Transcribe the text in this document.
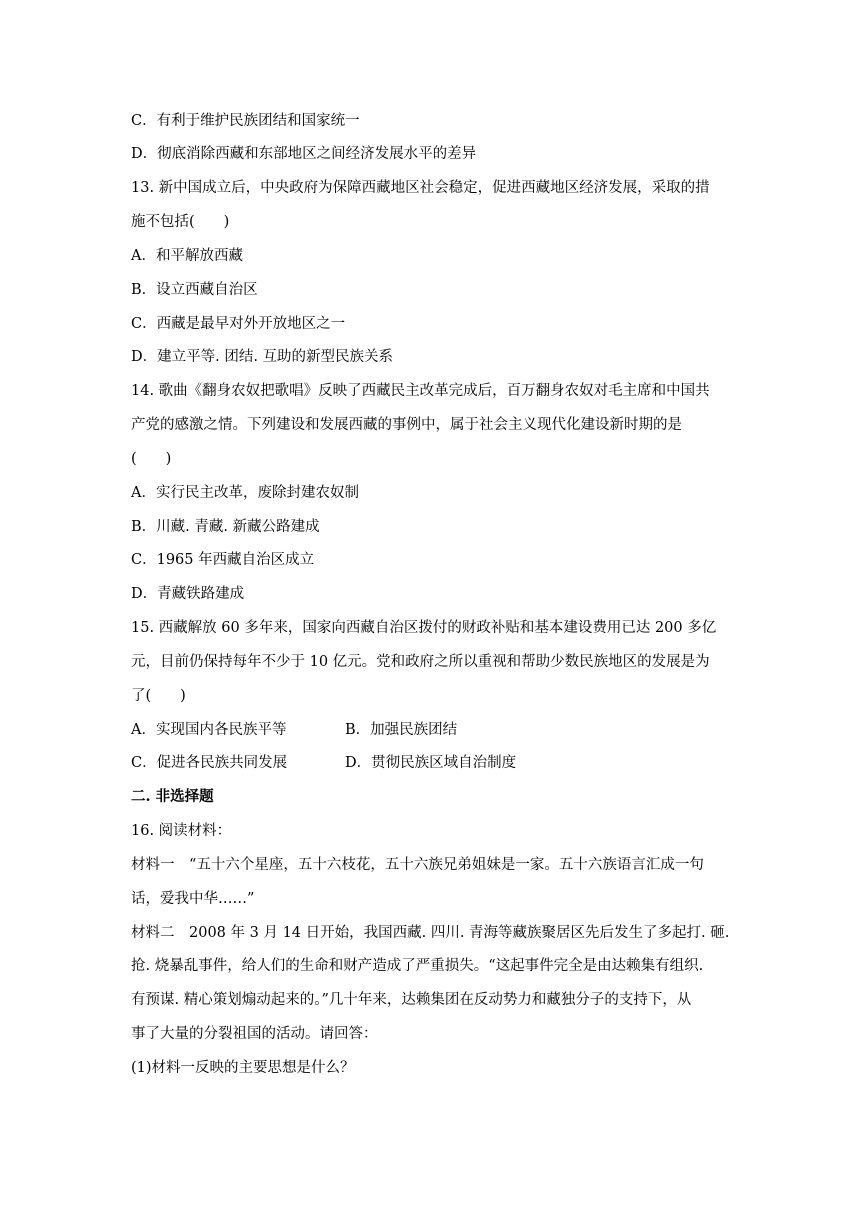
C．有利于维护民族团结和国家统一
D．彻底消除西藏和东部地区之间经济发展水平的差异
13. 新中国成立后，中央政府为保障西藏地区社会稳定，促进西藏地区经济发展，采取的措
施不包括(　　)
A．和平解放西藏
B．设立西藏自治区
C．西藏是最早对外开放地区之一
D．建立平等. 团结. 互助的新型民族关系
14. 歌曲《翻身农奴把歌唱》反映了西藏民主改革完成后，百万翻身农奴对毛主席和中国共
产党的感激之情。下列建设和发展西藏的事例中，属于社会主义现代化建设新时期的是
(　　)
A．实行民主改革，废除封建农奴制
B．川藏. 青藏. 新藏公路建成
C．1965 年西藏自治区成立
D．青藏铁路建成
15. 西藏解放 60 多年来，国家向西藏自治区拨付的财政补贴和基本建设费用已达 200 多亿
元，目前仍保持每年不少于 10 亿元。党和政府之所以重视和帮助少数民族地区的发展是为
了(　　)
A．实现国内各民族平等	B．加强民族团结
C．促进各民族共同发展	D．贯彻民族区域自治制度
二. 非选择题
16. 阅读材料：
材料一　“五十六个星座，五十六枝花，五十六族兄弟姐妹是一家。五十六族语言汇成一句
话，爱我中华……”
材料二　2008 年 3 月 14 日开始，我国西藏. 四川. 青海等藏族聚居区先后发生了多起打. 砸.
抢. 烧暴乱事件，给人们的生命和财产造成了严重损失。“这起事件完全是由达赖集有组织.
有预谋. 精心策划煽动起来的。”几十年来，达赖集团在反动势力和藏独分子的支持下，从
事了大量的分裂祖国的活动。请回答：
(1)材料一反映的主要思想是什么？
